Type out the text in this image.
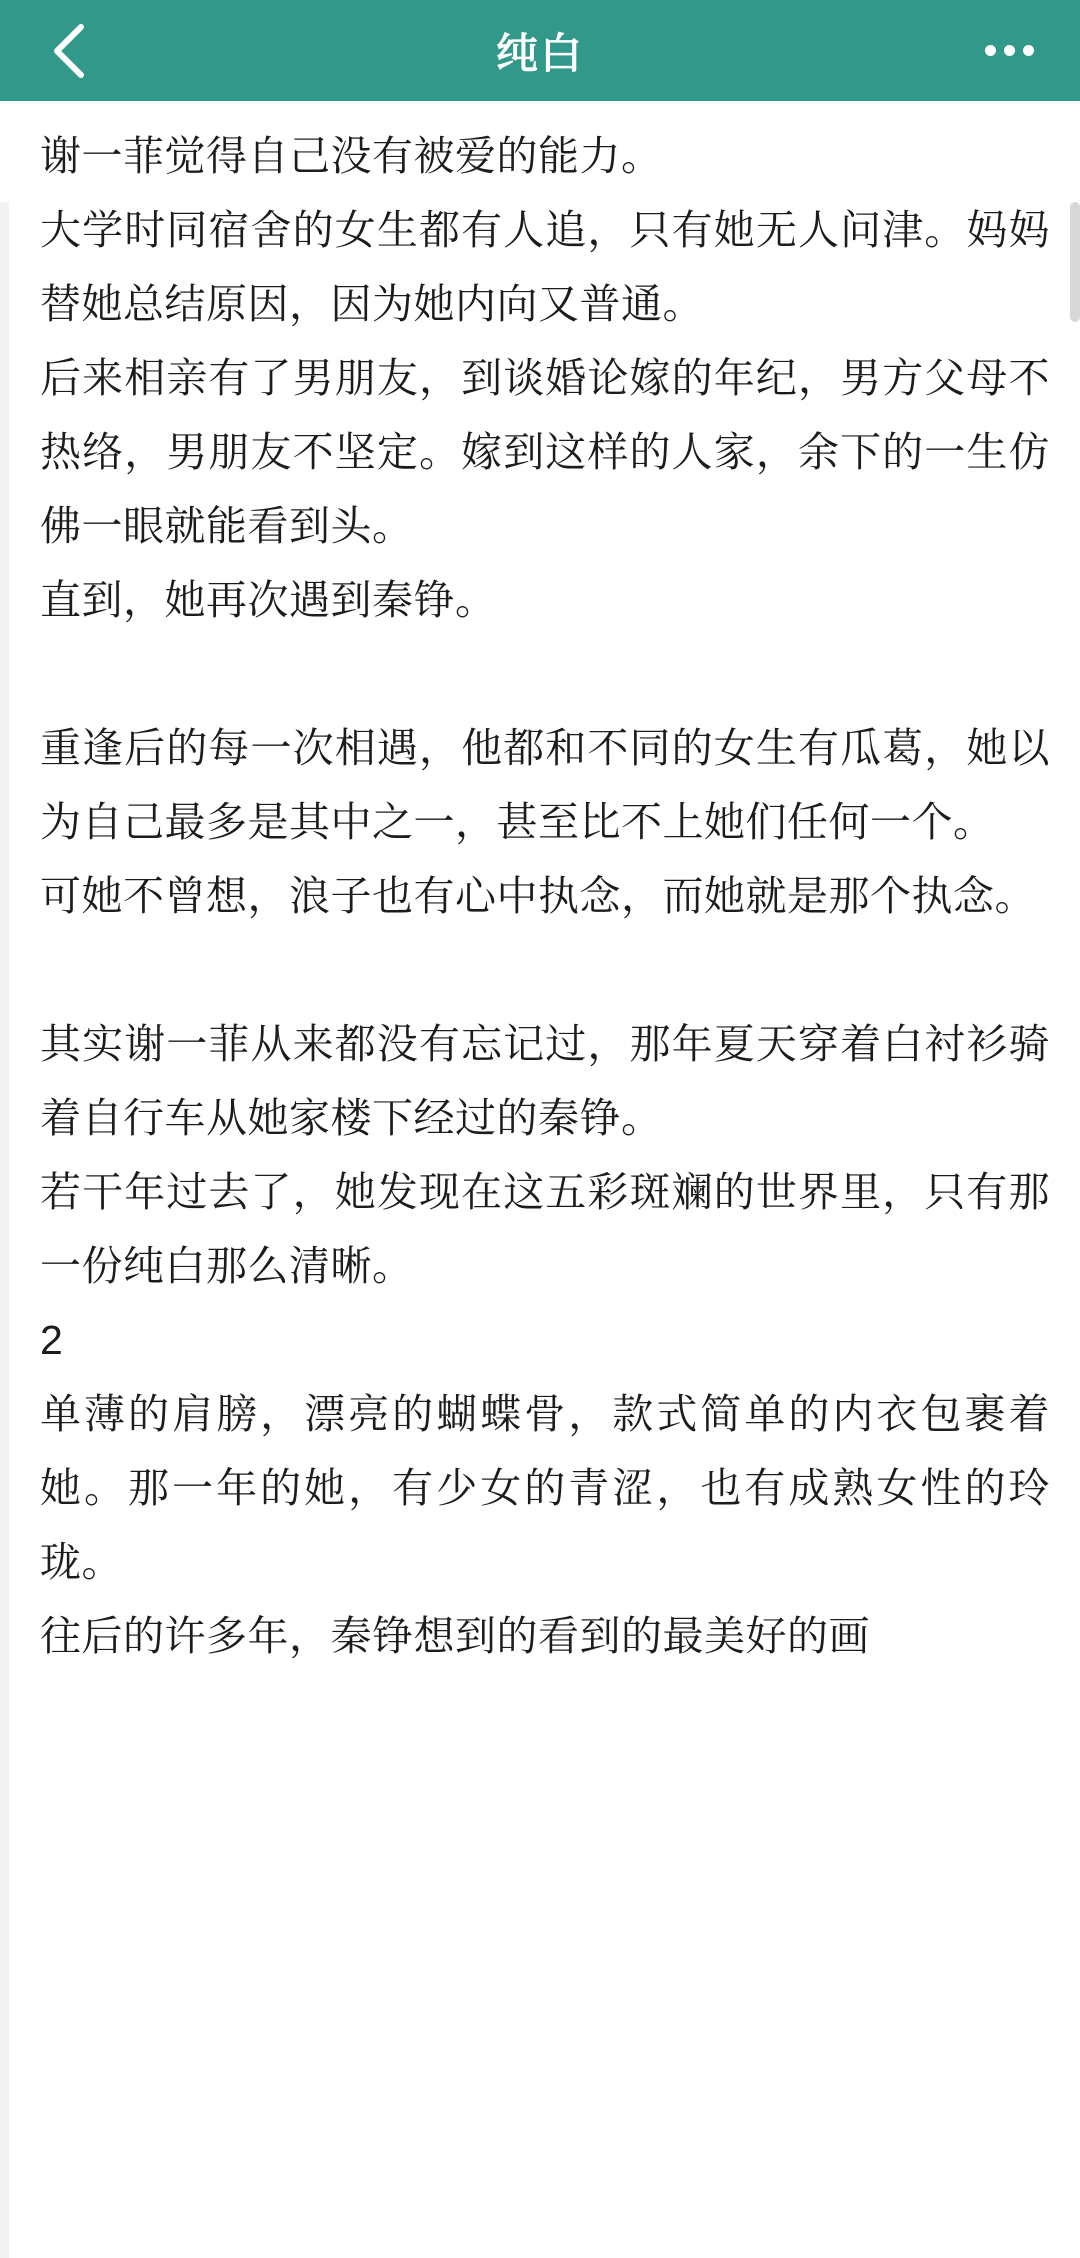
纯白

谢一菲觉得自己没有被爱的能力。

大学时同宿舍的女生都有人追，只有她无人问津。妈妈替她总结原因，因为她内向又普通。

后来相亲有了男朋友，到谈婚论嫁的年纪，男方父母不热络，男朋友不坚定。嫁到这样的人家，余下的一生仿佛一眼就能看到头。

直到，她再次遇到秦铮。

重逢后的每一次相遇，他都和不同的女生有瓜葛，她以为自己最多是其中之一，甚至比不上她们任何一个。

可她不曾想，浪子也有心中执念，而她就是那个执念。

其实谢一菲从来都没有忘记过，那年夏天穿着白衬衫骑着自行车从她家楼下经过的秦铮。

若干年过去了，她发现在这五彩斑斓的世界里，只有那一份纯白那么清晰。

2

单薄的肩膀，漂亮的蝴蝶骨，款式简单的内衣包裹着她。那一年的她，有少女的青涩，也有成熟女性的玲珑。

往后的许多年，秦铮想到的看到的最美好的画
